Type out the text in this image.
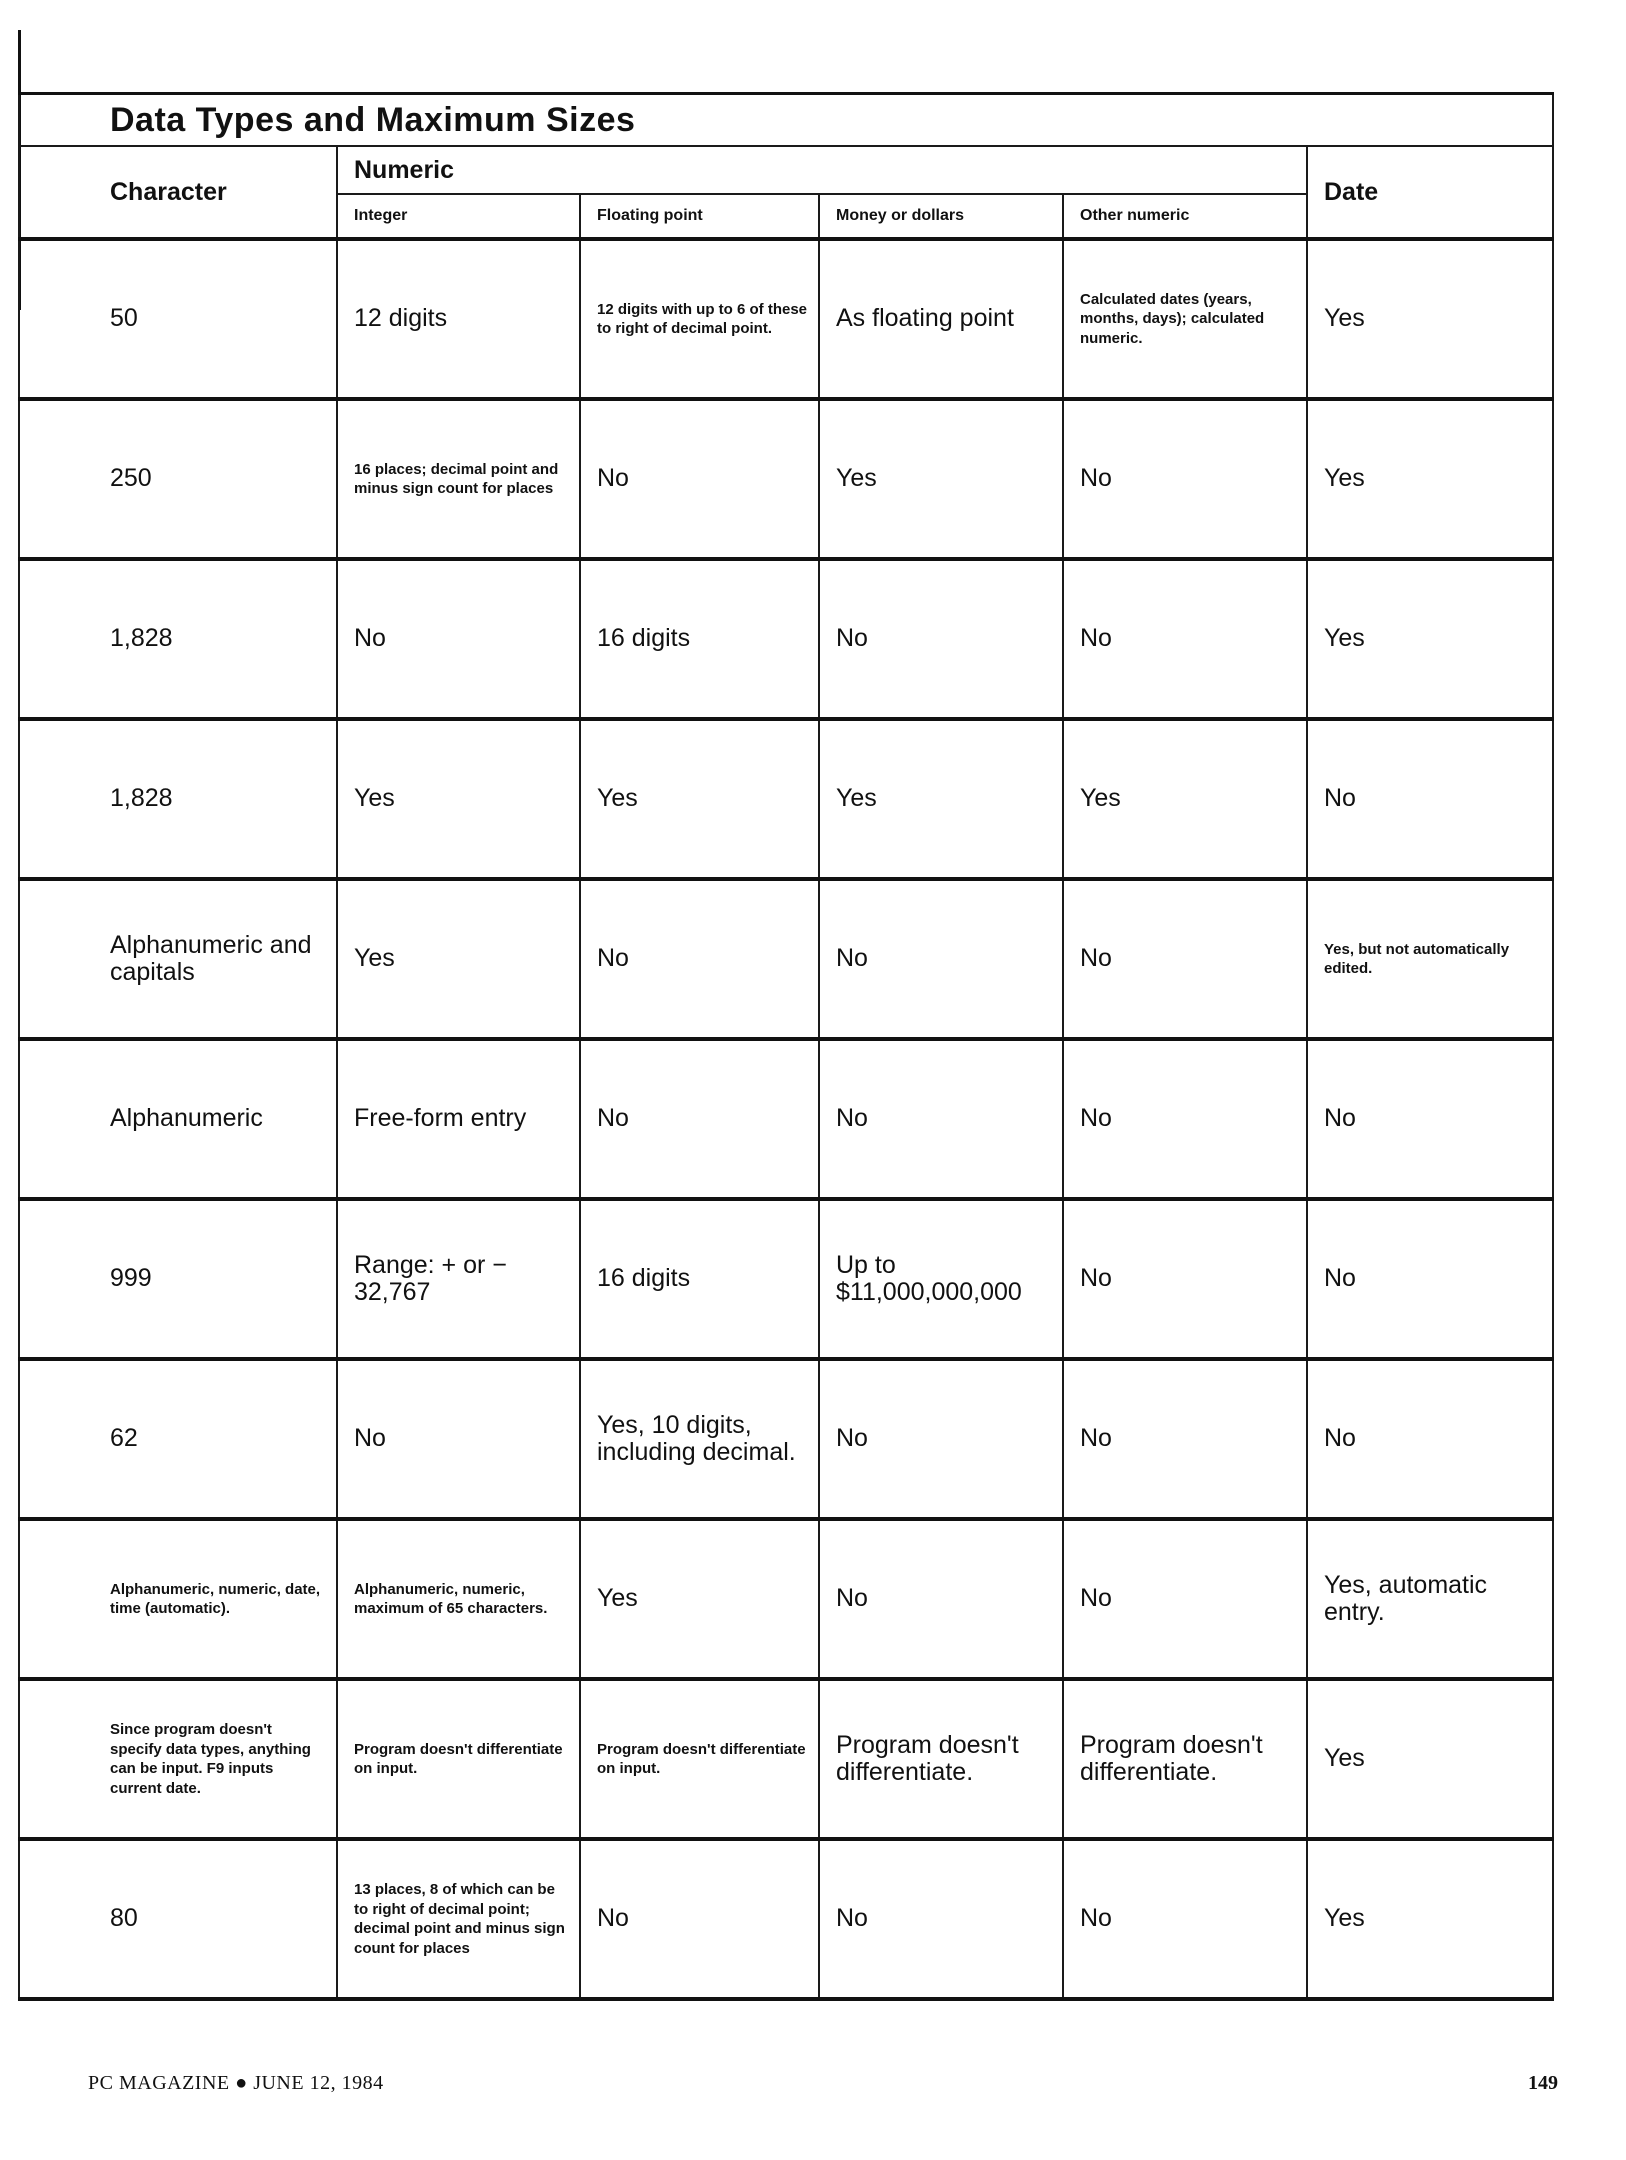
Data Types and Maximum Sizes					
Character	Numeric				Date
	Integer	Floating point	Money or dollars	Other numeric	
50	12 digits	12 digits with up to 6 of these to right of decimal point.	As floating point	Calculated dates (years, months, days); calculated numeric.	Yes
250	16 places; decimal point and minus sign count for places	No	Yes	No	Yes
1,828	No	16 digits	No	No	Yes
1,828	Yes	Yes	Yes	Yes	No
Alphanumeric and capitals	Yes	No	No	No	Yes, but not automatically edited.
Alphanumeric	Free-form entry	No	No	No	No
999	Range: + or − 32,767	16 digits	Up to $11,000,000,000	No	No
62	No	Yes, 10 digits, including decimal.	No	No	No
Alphanumeric, numeric, date, time (automatic).	Alphanumeric, numeric, maximum of 65 characters.	Yes	No	No	Yes, automatic entry.
Since program doesn't specify data types, anything can be input. F9 inputs current date.	Program doesn't differentiate on input.	Program doesn't differentiate on input.	Program doesn't differentiate.	Program doesn't differentiate.	Yes
80	13 places, 8 of which can be to right of decimal point; decimal point and minus sign count for places	No	No	No	Yes
PC MAGAZINE ● JUNE 12, 1984	149
